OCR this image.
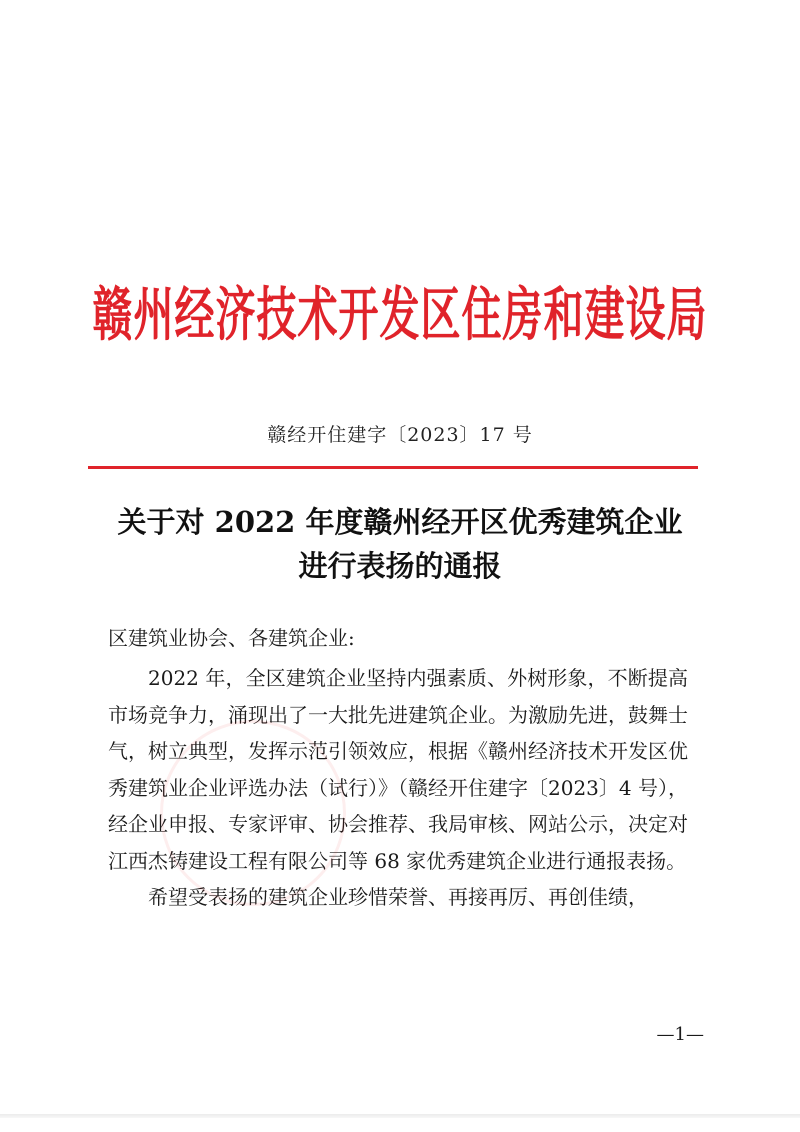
赣州经济技术开发区住房和建设局
赣经开住建字〔2023〕17 号
关于对 2022 年度赣州经开区优秀建筑企业
进行表扬的通报
区建筑业协会、各建筑企业:

2022 年，全区建筑企业坚持内强素质、外树形象，不断提高市场竞争力，涌现出了一大批先进建筑企业。为激励先进，鼓舞士气，树立典型，发挥示范引领效应，根据《赣州经济技术开发区优秀建筑业企业评选办法（试行）》（赣经开住建字〔2023〕4 号），经企业申报、专家评审、协会推荐、我局审核、网站公示，决定对江西杰铸建设工程有限公司等 68 家优秀建筑企业进行通报表扬。

希望受表扬的建筑企业珍惜荣誉、再接再厉、再创佳绩，

—1—
